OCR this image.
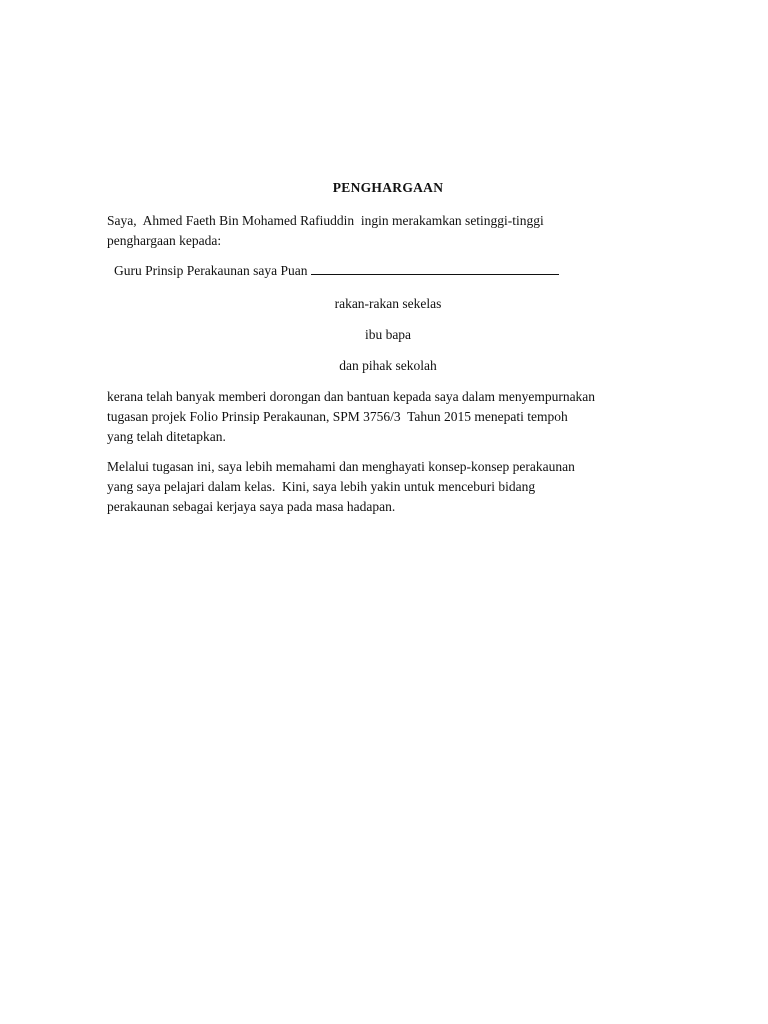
PENGHARGAAN
Saya,  Ahmed Faeth Bin Mohamed Rafiuddin  ingin merakamkan setinggi-tinggi
penghargaan kepada:
Guru Prinsip Perakaunan saya Puan
rakan-rakan sekelas
ibu bapa
dan pihak sekolah
kerana telah banyak memberi dorongan dan bantuan kepada saya dalam menyempurnakan
tugasan projek Folio Prinsip Perakaunan, SPM 3756/3  Tahun 2015 menepati tempoh
yang telah ditetapkan.
Melalui tugasan ini, saya lebih memahami dan menghayati konsep-konsep perakaunan
yang saya pelajari dalam kelas.  Kini, saya lebih yakin untuk menceburi bidang
perakaunan sebagai kerjaya saya pada masa hadapan.
